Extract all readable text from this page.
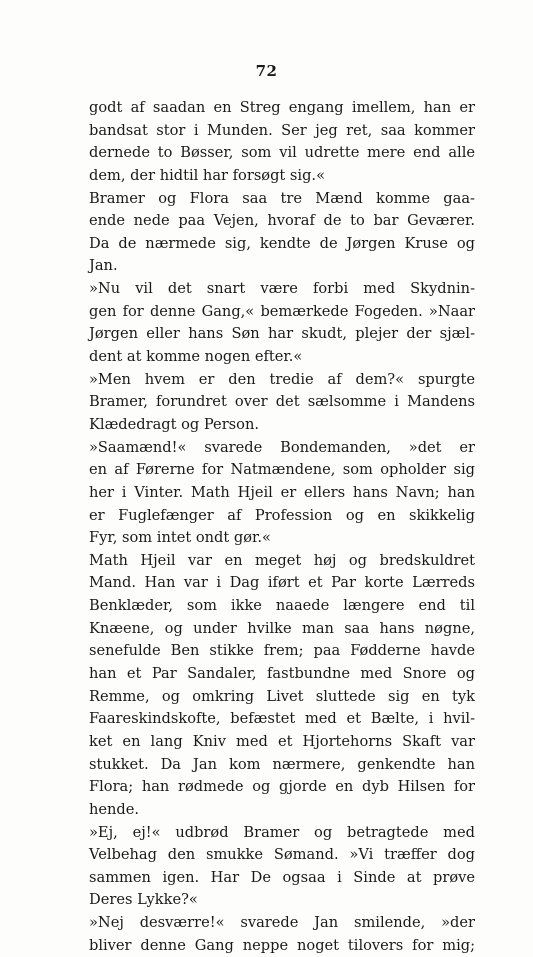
72
godt af saadan en Streg engang imellem, han er
bandsat stor i Munden. Ser jeg ret, saa kommer
dernede to Bøsser, som vil udrette mere end alle
dem, der hidtil har forsøgt sig.«
Bramer og Flora saa tre Mænd komme gaa-
ende nede paa Vejen, hvoraf de to bar Geværer.
Da de nærmede sig, kendte de Jørgen Kruse og
Jan.
»Nu vil det snart være forbi med Skydnin-
gen for denne Gang,« bemærkede Fogeden. »Naar
Jørgen eller hans Søn har skudt, plejer der sjæl-
dent at komme nogen efter.«
»Men hvem er den tredie af dem?« spurgte
Bramer, forundret over det sælsomme i Mandens
Klædedragt og Person.
»Saamænd!« svarede Bondemanden, »det er
en af Førerne for Natmændene, som opholder sig
her i Vinter. Math Hjeil er ellers hans Navn; han
er Fuglefænger af Profession og en skikkelig
Fyr, som intet ondt gør.«
Math Hjeil var en meget høj og bredskuldret
Mand. Han var i Dag iført et Par korte Lærreds
Benklæder, som ikke naaede længere end til
Knæene, og under hvilke man saa hans nøgne,
senefulde Ben stikke frem; paa Fødderne havde
han et Par Sandaler, fastbundne med Snore og
Remme, og omkring Livet sluttede sig en tyk
Faareskindskofte, befæstet med et Bælte, i hvil-
ket en lang Kniv med et Hjortehorns Skaft var
stukket. Da Jan kom nærmere, genkendte han
Flora; han rødmede og gjorde en dyb Hilsen for
hende.
»Ej, ej!« udbrød Bramer og betragtede med
Velbehag den smukke Sømand. »Vi træffer dog
sammen igen. Har De ogsaa i Sinde at prøve
Deres Lykke?«
»Nej desværre!« svarede Jan smilende, »der
bliver denne Gang neppe noget tilovers for mig;
